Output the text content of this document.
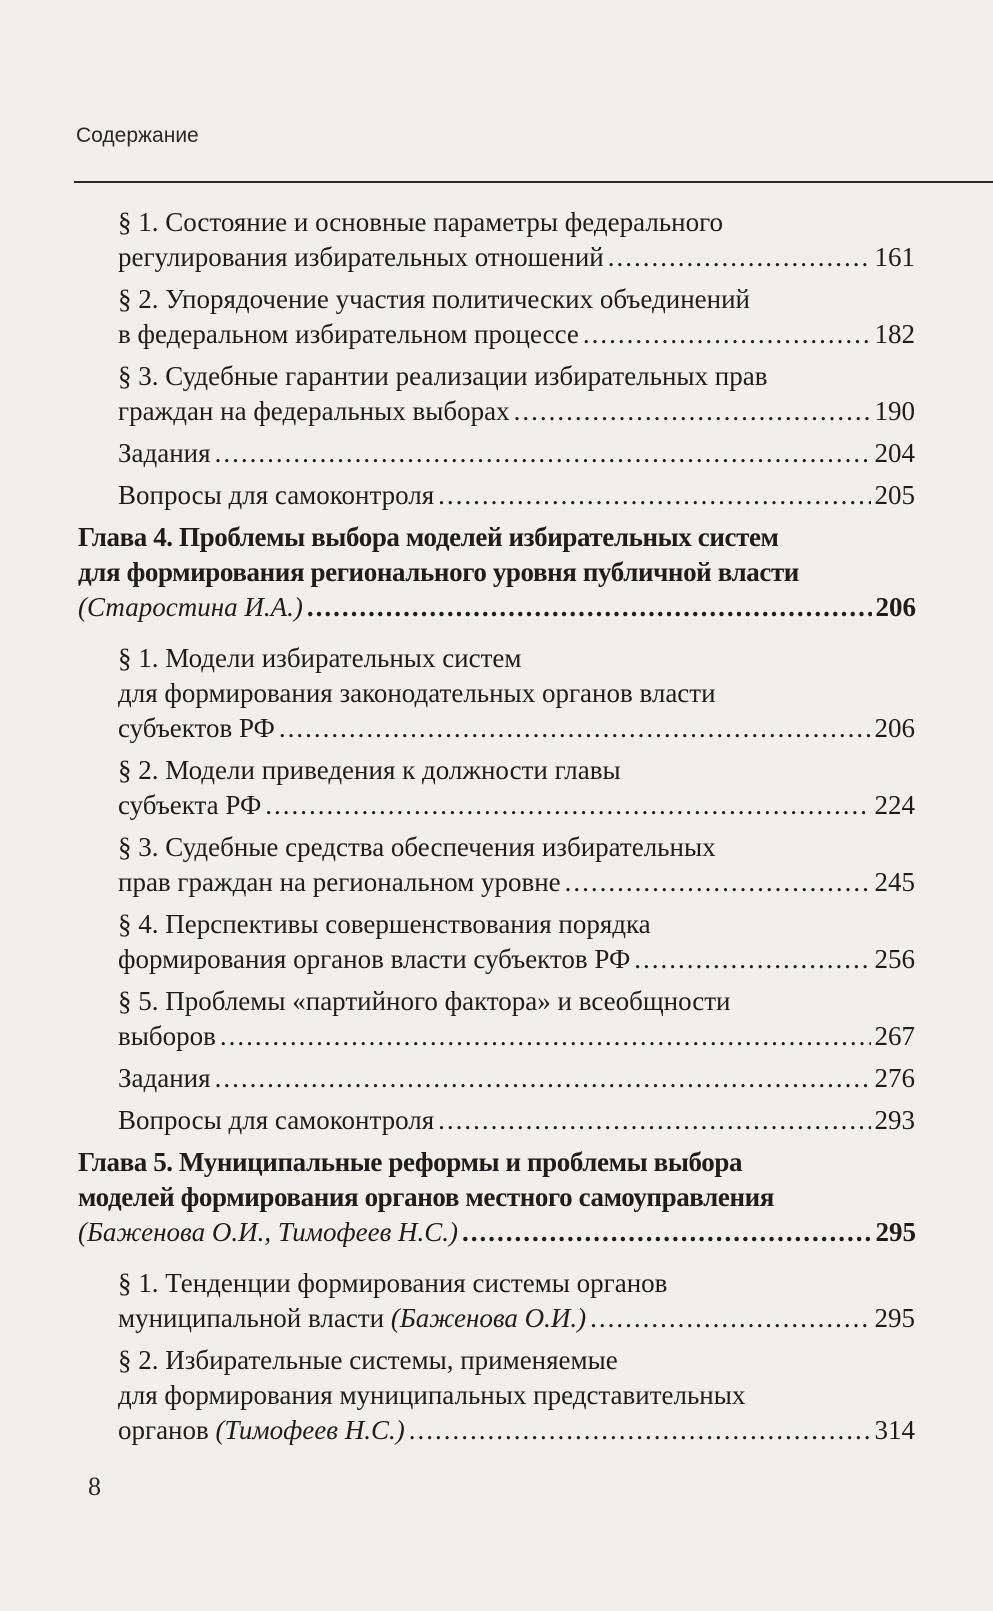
Содержание
§ 1. Состояние и основные параметры федерального
регулирования избирательных отношений .....	161
§ 2. Упорядочение участия политических объединений
в федеральном избирательном процессе .....	182
§ 3. Судебные гарантии реализации избирательных прав
граждан на федеральных выборах .....	190
Задания .....	204
Вопросы для самоконтроля .....	205
Глава 4. Проблемы выбора моделей избирательных систем
для формирования регионального уровня публичной власти
(Старостина И.А.) .....	206
§ 1. Модели избирательных систем
для формирования законодательных органов власти
субъектов РФ .....	206
§ 2. Модели приведения к должности главы
субъекта РФ .....	224
§ 3. Судебные средства обеспечения избирательных
прав граждан на региональном уровне .....	245
§ 4. Перспективы совершенствования порядка
формирования органов власти субъектов РФ .....	256
§ 5. Проблемы «партийного фактора» и всеобщности
выборов .....	267
Задания .....	276
Вопросы для самоконтроля .....	293
Глава 5. Муниципальные реформы и проблемы выбора
моделей формирования органов местного самоуправления
(Баженова О.И., Тимофеев Н.С.) .....	295
§ 1. Тенденции формирования системы органов
муниципальной власти (Баженова О.И.) .....	295
§ 2. Избирательные системы, применяемые
для формирования муниципальных представительных
органов (Тимофеев Н.С.) .....	314
8
